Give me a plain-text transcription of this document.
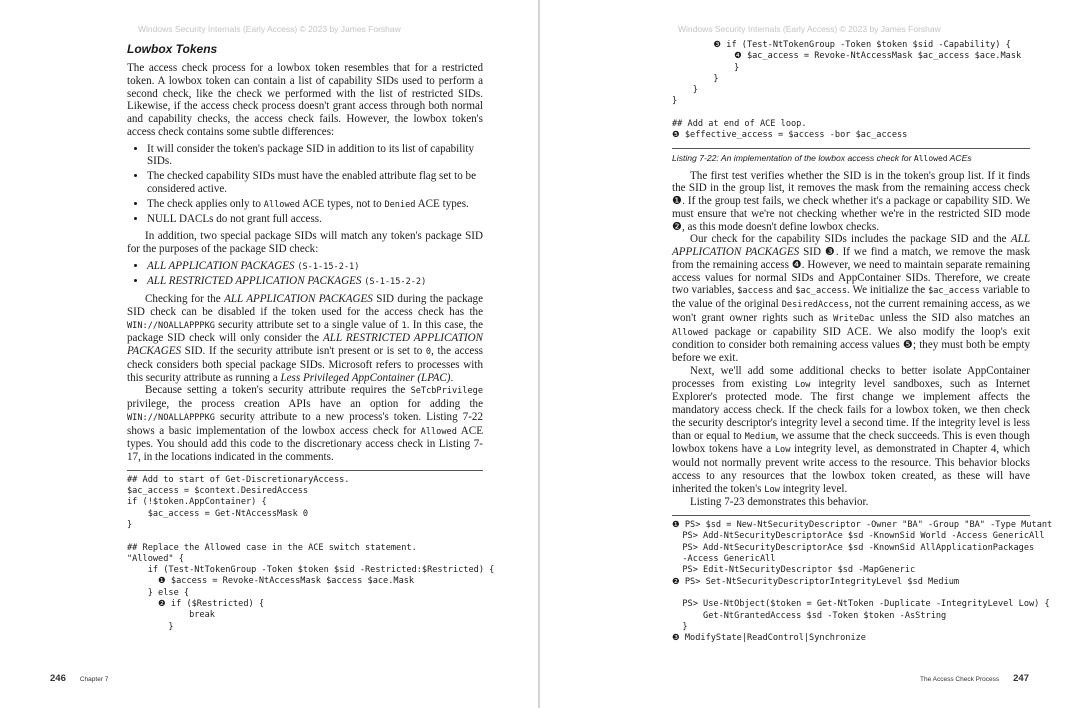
Windows Security Internals (Early Access) © 2023 by James Forshaw
Lowbox Tokens

The access check process for a lowbox token resembles that for a restricted token. A lowbox token can contain a list of capability SIDs used to perform a second check, like the check we performed with the list of restricted SIDs. Likewise, if the access check process doesn't grant access through both normal and capability checks, the access check fails. However, the lowbox token's access check contains some subtle differences:

• It will consider the token's package SID in addition to its list of capability SIDs.
• The checked capability SIDs must have the enabled attribute flag set to be considered active.
• The check applies only to Allowed ACE types, not to Denied ACE types.
• NULL DACLs do not grant full access.

In addition, two special package SIDs will match any token's package SID for the purposes of the package SID check:

• ALL APPLICATION PACKAGES (S-1-15-2-1)
• ALL RESTRICTED APPLICATION PACKAGES (S-1-15-2-2)

Checking for the ALL APPLICATION PACKAGES SID during the package SID check can be disabled if the token used for the access check has the WIN://NOALLAPPPKG security attribute set to a single value of 1. In this case, the package SID check will only consider the ALL RESTRICTED APPLICATION PACKAGES SID. If the security attribute isn't present or is set to 0, the access check considers both special package SIDs. Microsoft refers to processes with this security attribute as running a Less Privileged AppContainer (LPAC).

Because setting a token's security attribute requires the SeTcbPrivilege privilege, the process creation APIs have an option for adding the WIN://NOALLAPPPKG security attribute to a new process's token. Listing 7-22 shows a basic implementation of the lowbox access check for Allowed ACE types. You should add this code to the discretionary access check in Listing 7-17, in the locations indicated in the comments.

## Add to start of Get-DiscretionaryAccess.
$ac_access = $context.DesiredAccess
if (!$token.AppContainer) {
$ac_access = Get-NtAccessMask 0
}

## Replace the Allowed case in the ACE switch statement.
"Allowed" {
if (Test-NtTokenGroup -Token $token $sid -Restricted:$Restricted) {
❶ $access = Revoke-NtAccessMask $access $ace.Mask
} else {
❷ if ($Restricted) {
break
}
246 Chapter 7
Windows Security Internals (Early Access) © 2023 by James Forshaw
❸ if (Test-NtTokenGroup -Token $token $sid -Capability) {
❹ $ac_access = Revoke-NtAccessMask $ac_access $ace.Mask
}
}
}
}

## Add at end of ACE loop.
❺ $effective_access = $access -bor $ac_access
Listing 7-22: An implementation of the lowbox access check for Allowed ACEs

The first test verifies whether the SID is in the token's group list. If it finds the SID in the group list, it removes the mask from the remaining access check ❶. If the group test fails, we check whether it's a package or capability SID. We must ensure that we're not checking whether we're in the restricted SID mode ❷, as this mode doesn't define lowbox checks.

Our check for the capability SIDs includes the package SID and the ALL APPLICATION PACKAGES SID ❸. If we find a match, we remove the mask from the remaining access ❹. However, we need to maintain separate remaining access values for normal SIDs and AppContainer SIDs. Therefore, we create two variables, $access and $ac_access. We initialize the $ac_access variable to the value of the original DesiredAccess, not the current remaining access, as we won't grant owner rights such as WriteDac unless the SID also matches an Allowed package or capability SID ACE. We also modify the loop's exit condition to consider both remaining access values ❺; they must both be empty before we exit.

Next, we'll add some additional checks to better isolate AppContainer processes from existing Low integrity level sandboxes, such as Internet Explorer's protected mode. The first change we implement affects the mandatory access check. If the check fails for a lowbox token, we then check the security descriptor's integrity level a second time. If the integrity level is less than or equal to Medium, we assume that the check succeeds. This is even though lowbox tokens have a Low integrity level, as demonstrated in Chapter 4, which would not normally prevent write access to the resource. This behavior blocks access to any resources that the lowbox token created, as these will have inherited the token's Low integrity level.

Listing 7-23 demonstrates this behavior.

❶ PS> $sd = New-NtSecurityDescriptor -Owner "BA" -Group "BA" -Type Mutant
PS> Add-NtSecurityDescriptorAce $sd -KnownSid World -Access GenericAll
PS> Add-NtSecurityDescriptorAce $sd -KnownSid AllApplicationPackages
-Access GenericAll
PS> Edit-NtSecurityDescriptor $sd -MapGeneric
❷ PS> Set-NtSecurityDescriptorIntegrityLevel $sd Medium

PS> Use-NtObject($token = Get-NtToken -Duplicate -IntegrityLevel Low) {
Get-NtGrantedAccess $sd -Token $token -AsString
}
❸ ModifyState|ReadControl|Synchronize
The Access Check Process 247
